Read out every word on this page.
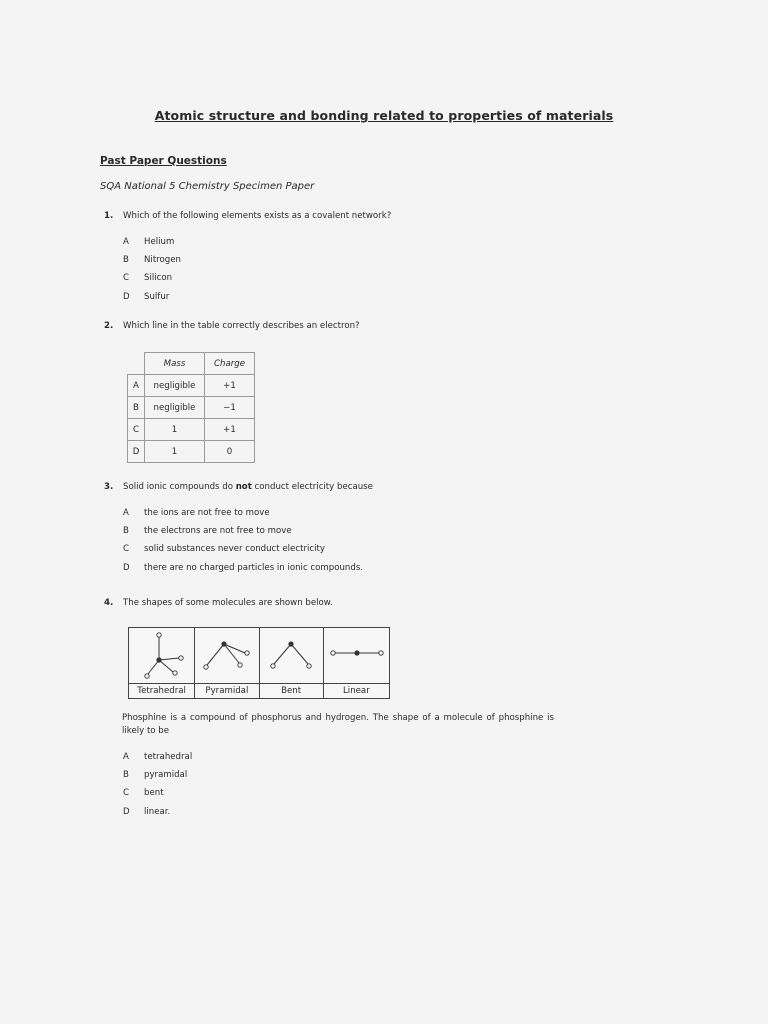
Atomic structure and bonding related to properties of materials
Past Paper Questions
SQA National 5 Chemistry Specimen Paper
1. Which of the following elements exists as a covalent network?
A	Helium
B	Nitrogen
C	Silicon
D	Sulfur
2. Which line in the table correctly describes an electron?
	Mass	Charge
A	negligible	+1
B	negligible	−1
C	1	+1
D	1	0
3. Solid ionic compounds do not conduct electricity because
A	the ions are not free to move
B	the electrons are not free to move
C	solid substances never conduct electricity
D	there are no charged particles in ionic compounds.
4. The shapes of some molecules are shown below.
Tetrahedral	Pyramidal	Bent	Linear
Phosphine is a compound of phosphorus and hydrogen. The shape of a molecule of phosphine is likely to be
A	tetrahedral
B	pyramidal
C	bent
D	linear.
